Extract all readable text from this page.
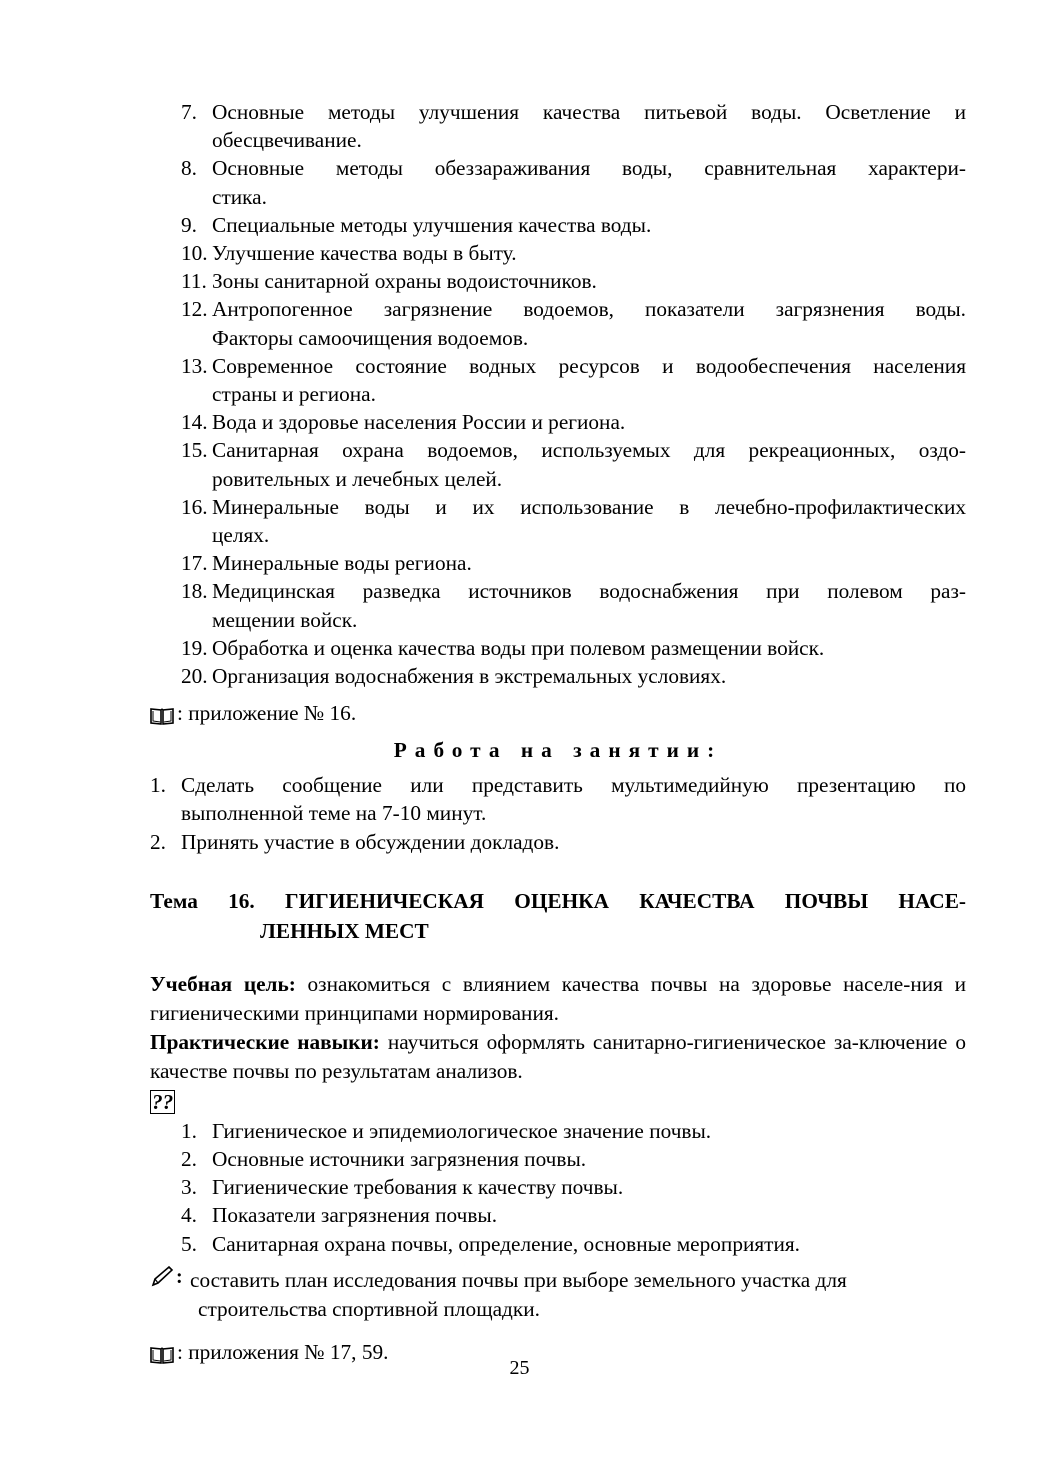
7. Основные методы улучшения качества питьевой воды. Осветление и
обесцвечивание.
8. Основные методы обеззараживания воды, сравнительная характери-
стика.
9. Специальные методы улучшения качества воды.
10. Улучшение качества воды в быту.
11. Зоны санитарной охраны водоисточников.
12. Антропогенное загрязнение водоемов, показатели загрязнения воды.
Факторы самоочищения водоемов.
13. Современное состояние водных ресурсов и водообеспечения населения
страны и региона.
14. Вода и здоровье населения России и региона.
15. Санитарная охрана водоемов, используемых для рекреационных, оздо-
ровительных и лечебных целей.
16. Минеральные воды и их использование в лечебно-профилактических
целях.
17. Минеральные воды региона.
18. Медицинская разведка источников водоснабжения при полевом раз-
мещении войск.
19. Обработка и оценка качества воды при полевом размещении войск.
20. Организация водоснабжения в экстремальных условиях.
: приложение № 16.
Работа на занятии:
1. Сделать сообщение или представить мультимедийную презентацию по
выполненной теме на 7-10 минут.
2. Принять участие в обсуждении докладов.
Тема 16. ГИГИЕНИЧЕСКАЯ ОЦЕНКА КАЧЕСТВА ПОЧВЫ НАСЕ-
ЛЕННЫХ МЕСТ
Учебная цель: ознакомиться с влиянием качества почвы на здоровье населе-ния и гигиеническими принципами нормирования.
Практические навыки: научиться оформлять санитарно-гигиеническое за-ключение о качестве почвы по результатам анализов.
??
1. Гигиеническое и эпидемиологическое значение почвы.
2. Основные источники загрязнения почвы.
3. Гигиенические требования к качеству почвы.
4. Показатели загрязнения почвы.
5. Санитарная охрана почвы, определение, основные мероприятия.
: составить план исследования почвы при выборе земельного участка для
строительства спортивной площадки.
: приложения № 17, 59.
25
